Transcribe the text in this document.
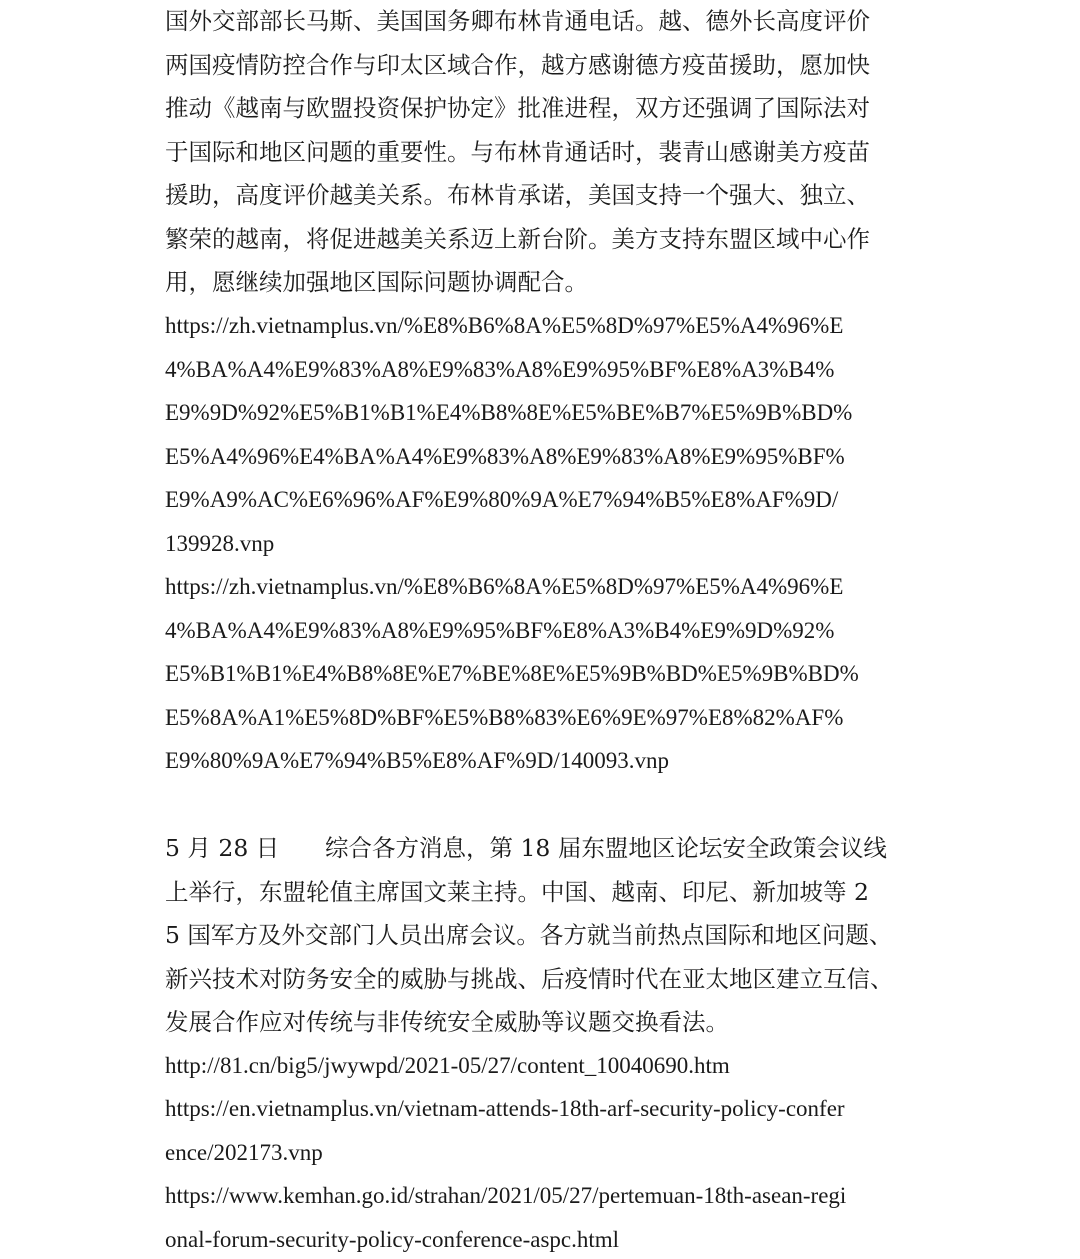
国外交部部长马斯、美国国务卿布林肯通电话。越、德外长高度评价
两国疫情防控合作与印太区域合作，越方感谢德方疫苗援助，愿加快
推动《越南与欧盟投资保护协定》批准进程，双方还强调了国际法对
于国际和地区问题的重要性。与布林肯通话时，裴青山感谢美方疫苗
援助，高度评价越美关系。布林肯承诺，美国支持一个强大、独立、
繁荣的越南，将促进越美关系迈上新台阶。美方支持东盟区域中心作
用，愿继续加强地区国际问题协调配合。
https://zh.vietnamplus.vn/%E8%B6%8A%E5%8D%97%E5%A4%96%E
4%BA%A4%E9%83%A8%E9%83%A8%E9%95%BF%E8%A3%B4%
E9%9D%92%E5%B1%B1%E4%B8%8E%E5%BE%B7%E5%9B%BD%
E5%A4%96%E4%BA%A4%E9%83%A8%E9%83%A8%E9%95%BF%
E9%A9%AC%E6%96%AF%E9%80%9A%E7%94%B5%E8%AF%9D/
139928.vnp
https://zh.vietnamplus.vn/%E8%B6%8A%E5%8D%97%E5%A4%96%E
4%BA%A4%E9%83%A8%E9%95%BF%E8%A3%B4%E9%9D%92%
E5%B1%B1%E4%B8%8E%E7%BE%8E%E5%9B%BD%E5%9B%BD%
E5%8A%A1%E5%8D%BF%E5%B8%83%E6%9E%97%E8%82%AF%
E9%80%9A%E7%94%B5%E8%AF%9D/140093.vnp
5 月 28 日 综合各方消息，第 18 届东盟地区论坛安全政策会议线
上举行，东盟轮值主席国文莱主持。中国、越南、印尼、新加坡等 2
5 国军方及外交部门人员出席会议。各方就当前热点国际和地区问题、
新兴技术对防务安全的威胁与挑战、后疫情时代在亚太地区建立互信、
发展合作应对传统与非传统安全威胁等议题交换看法。
http://81.cn/big5/jwywpd/2021-05/27/content_10040690.htm
https://en.vietnamplus.vn/vietnam-attends-18th-arf-security-policy-confer
ence/202173.vnp
https://www.kemhan.go.id/strahan/2021/05/27/pertemuan-18th-asean-regi
onal-forum-security-policy-conference-aspc.html
